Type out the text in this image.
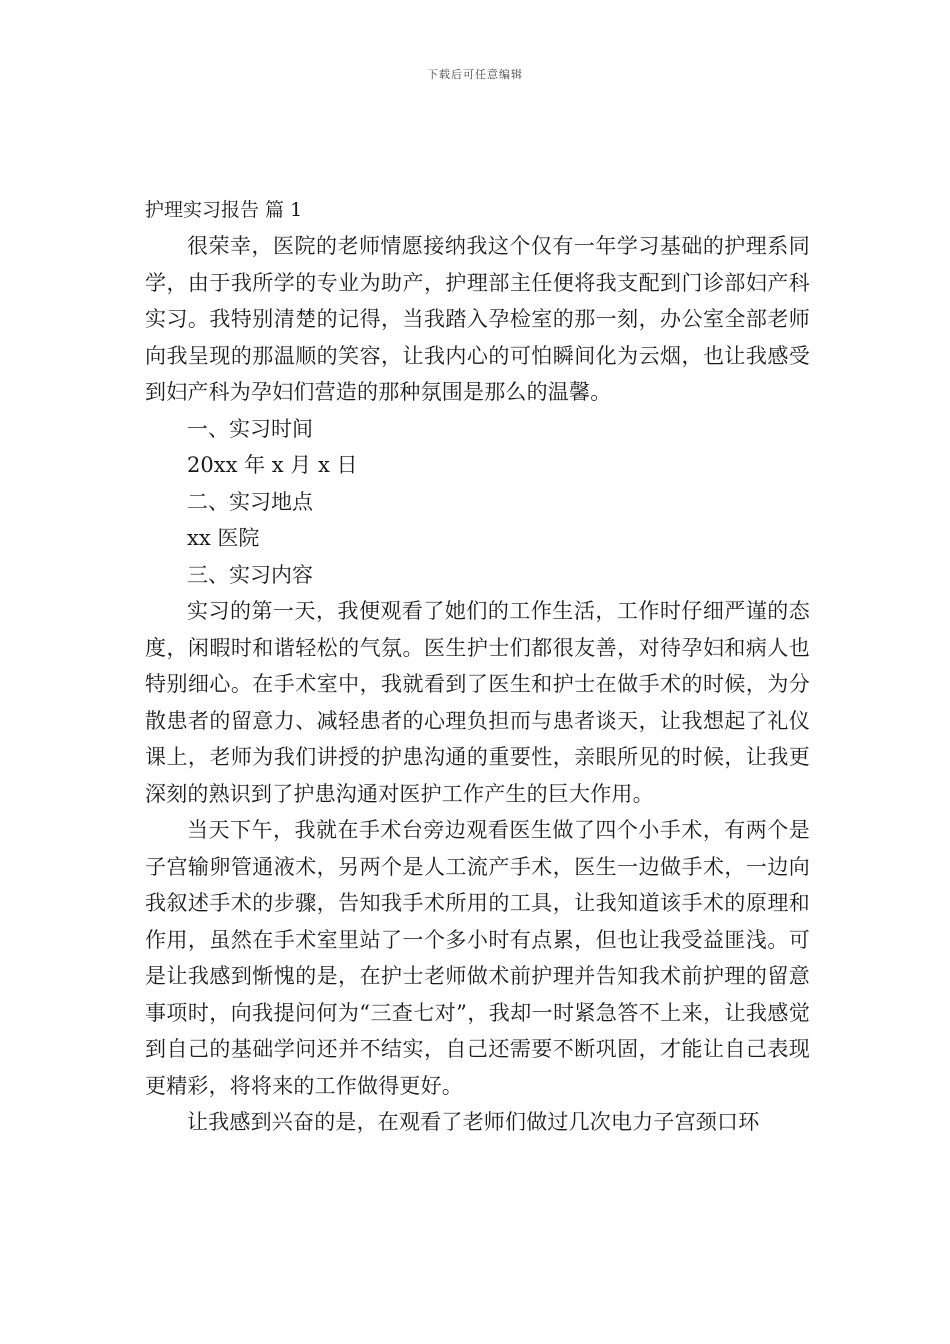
下载后可任意编辑
护理实习报告 篇 1

很荣幸，医院的老师情愿接纳我这个仅有一年学习基础的护理系同学，由于我所学的专业为助产，护理部主任便将我支配到门诊部妇产科实习。我特别清楚的记得，当我踏入孕检室的那一刻，办公室全部老师向我呈现的那温顺的笑容，让我内心的可怕瞬间化为云烟，也让我感受到妇产科为孕妇们营造的那种氛围是那么的温馨。

一、实习时间

20xx 年 x 月 x 日

二、实习地点

xx 医院

三、实习内容

实习的第一天，我便观看了她们的工作生活，工作时仔细严谨的态度，闲暇时和谐轻松的气氛。医生护士们都很友善，对待孕妇和病人也特别细心。在手术室中，我就看到了医生和护士在做手术的时候，为分散患者的留意力、减轻患者的心理负担而与患者谈天，让我想起了礼仪课上，老师为我们讲授的护患沟通的重要性，亲眼所见的时候，让我更深刻的熟识到了护患沟通对医护工作产生的巨大作用。

当天下午，我就在手术台旁边观看医生做了四个小手术，有两个是子宫输卵管通液术，另两个是人工流产手术，医生一边做手术，一边向我叙述手术的步骤，告知我手术所用的工具，让我知道该手术的原理和作用，虽然在手术室里站了一个多小时有点累，但也让我受益匪浅。可是让我感到惭愧的是，在护士老师做术前护理并告知我术前护理的留意事项时，向我提问何为“三查七对”，我却一时紧急答不上来，让我感觉到自己的基础学问还并不结实，自己还需要不断巩固，才能让自己表现更精彩，将将来的工作做得更好。

让我感到兴奋的是，在观看了老师们做过几次电力子宫颈口环
